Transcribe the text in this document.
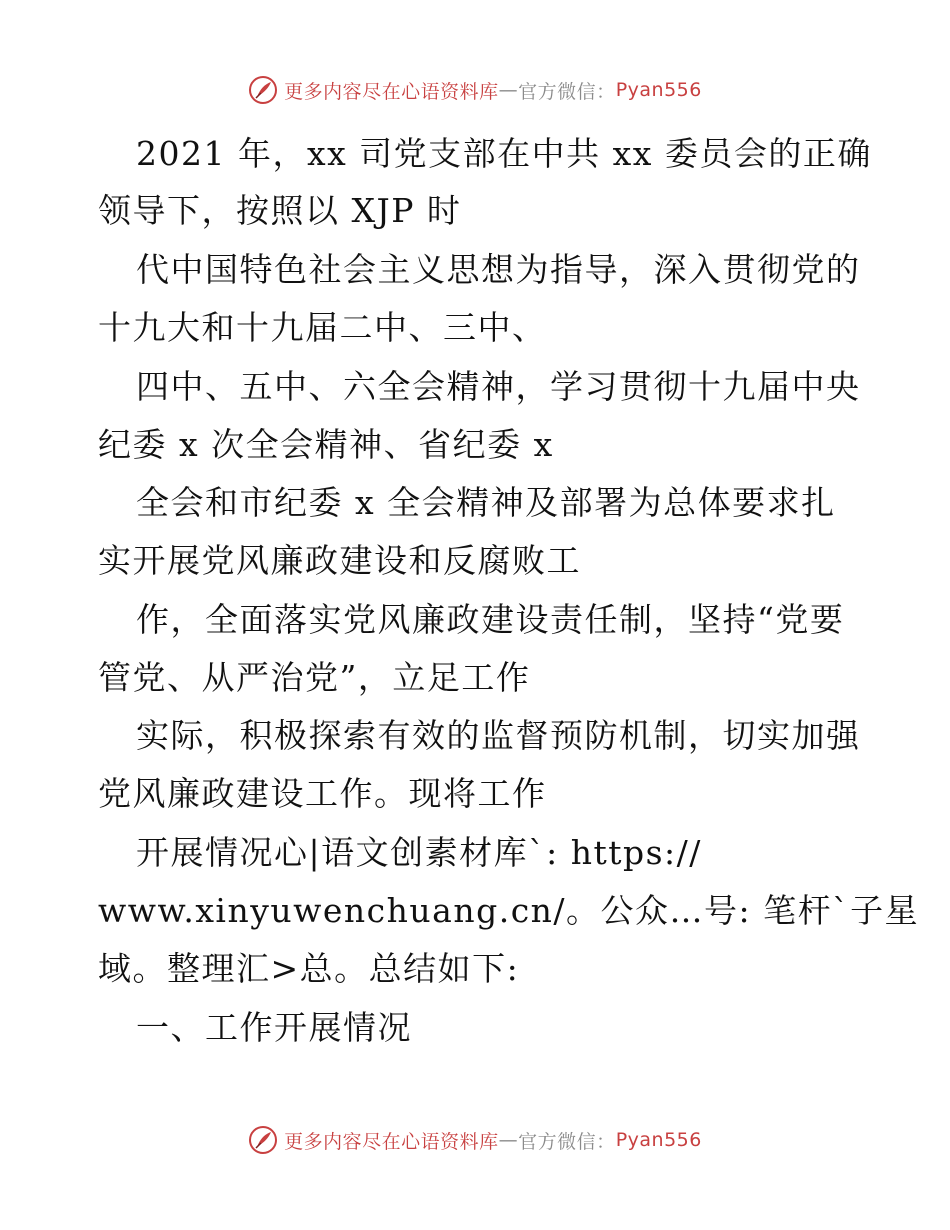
更多内容尽在心语资料库 — 官方微信： Pyan556
2021 年，xx 司党支部在中共 xx 委员会的正确
领导下，按照以 XJP 时
代中国特色社会主义思想为指导，深入贯彻党的
十九大和十九届二中、三中、
四中、五中、六全会精神，学习贯彻十九届中央
纪委 x 次全会精神、省纪委 x
全会和市纪委 x 全会精神及部署为总体要求扎
实开展党风廉政建设和反腐败工
作，全面落实党风廉政建设责任制，坚持“党要
管党、从严治党”，立足工作
实际，积极探索有效的监督预防机制，切实加强
党风廉政建设工作。现将工作
开展情况心|语文创素材库`: https://
www.xinyuwenchuang.cn/。公众…号: 笔杆`子星
域。整理汇>总。总结如下:
一、工作开展情况
更多内容尽在心语资料库 — 官方微信： Pyan556
